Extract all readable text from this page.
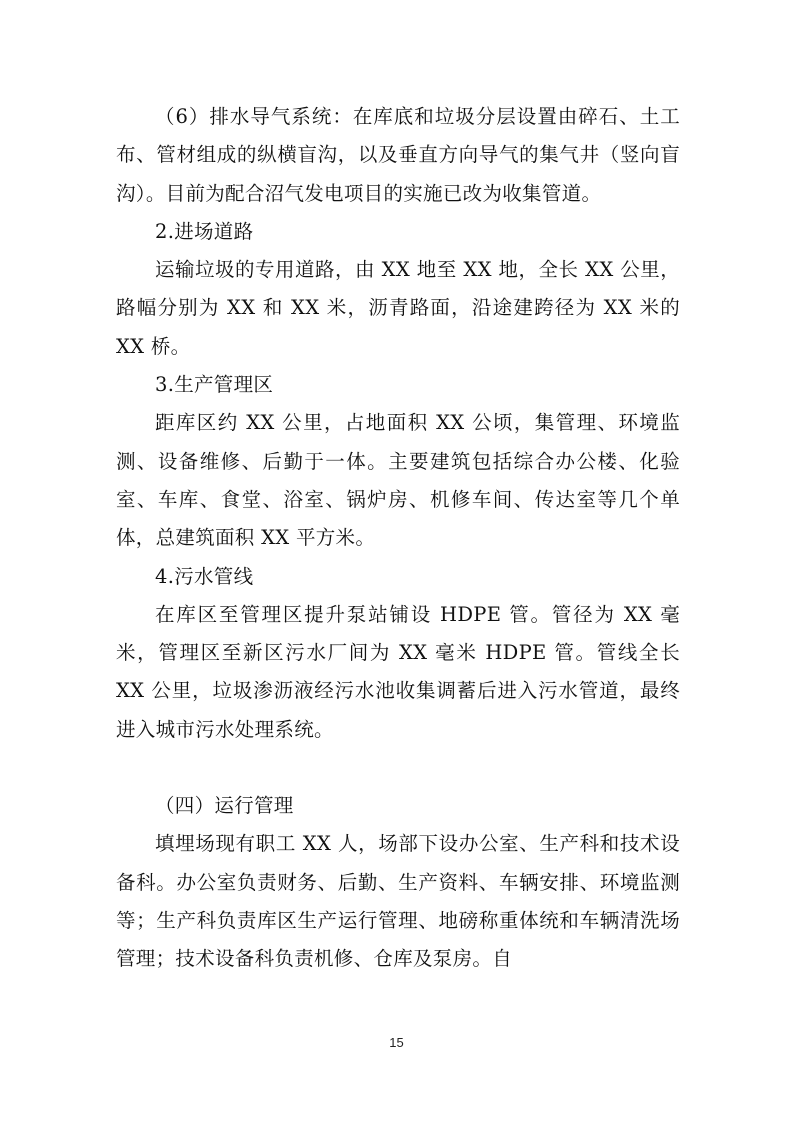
（6）排水导气系统：在库底和垃圾分层设置由碎石、土工布、管材组成的纵横盲沟，以及垂直方向导气的集气井（竖向盲沟）。目前为配合沼气发电项目的实施已改为收集管道。

2.进场道路

运输垃圾的专用道路，由 XX 地至 XX 地，全长 XX 公里，路幅分别为 XX 和 XX 米，沥青路面，沿途建跨径为 XX 米的 XX 桥。

3.生产管理区

距库区约 XX 公里，占地面积 XX 公顷，集管理、环境监测、设备维修、后勤于一体。主要建筑包括综合办公楼、化验室、车库、食堂、浴室、锅炉房、机修车间、传达室等几个单体，总建筑面积 XX 平方米。

4.污水管线

在库区至管理区提升泵站铺设 HDPE 管。管径为 XX 毫米，管理区至新区污水厂间为 XX 毫米 HDPE 管。管线全长 XX 公里，垃圾渗沥液经污水池收集调蓄后进入污水管道，最终进入城市污水处理系统。

（四）运行管理

填埋场现有职工 XX 人，场部下设办公室、生产科和技术设备科。办公室负责财务、后勤、生产资料、车辆安排、环境监测等；生产科负责库区生产运行管理、地磅称重体统和车辆清洗场管理；技术设备科负责机修、仓库及泵房。自

15
